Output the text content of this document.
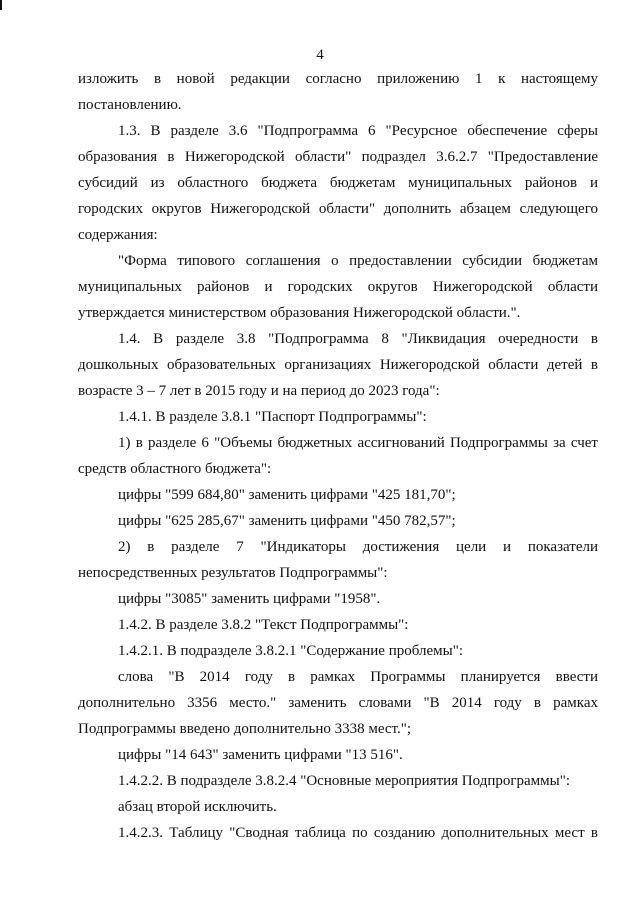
4
изложить в новой редакции согласно приложению 1 к настоящему
постановлению.
1.3. В разделе 3.6 "Подпрограмма 6 "Ресурсное обеспечение сферы
образования в Нижегородской области" подраздел 3.6.2.7 "Предоставление
субсидий из областного бюджета бюджетам муниципальных районов и
городских округов Нижегородской области" дополнить абзацем следующего
содержания:
"Форма типового соглашения о предоставлении субсидии бюджетам
муниципальных районов и городских округов Нижегородской области
утверждается министерством образования Нижегородской области.".
1.4. В разделе 3.8 "Подпрограмма 8 "Ликвидация очередности в
дошкольных образовательных организациях Нижегородской области детей в
возрасте 3 – 7 лет в 2015 году и на период до 2023 года":
1.4.1. В разделе 3.8.1 "Паспорт Подпрограммы":
1) в разделе 6 "Объемы бюджетных ассигнований Подпрограммы за счет
средств областного бюджета":
цифры "599 684,80" заменить цифрами "425 181,70";
цифры "625 285,67" заменить цифрами "450 782,57";
2) в разделе 7 "Индикаторы достижения цели и показатели
непосредственных результатов Подпрограммы":
цифры "3085" заменить цифрами "1958".
1.4.2. В разделе 3.8.2 "Текст Подпрограммы":
1.4.2.1. В подразделе 3.8.2.1 "Содержание проблемы":
слова "В 2014 году в рамках Программы планируется ввести
дополнительно 3356 место." заменить словами "В 2014 году в рамках
Подпрограммы введено дополнительно 3338 мест.";
цифры "14 643" заменить цифрами "13 516".
1.4.2.2. В подразделе 3.8.2.4 "Основные мероприятия Подпрограммы":
абзац второй исключить.
1.4.2.3. Таблицу "Сводная таблица по созданию дополнительных мест в
